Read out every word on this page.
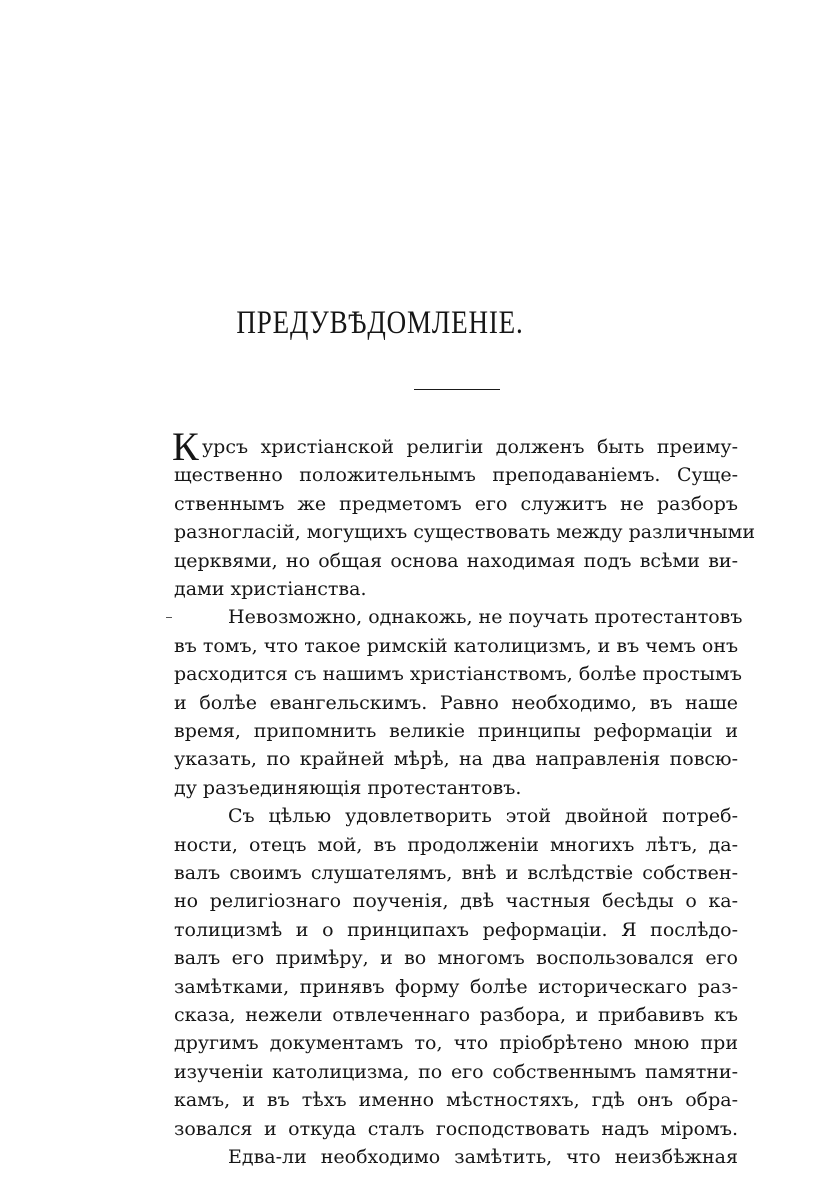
ПРЕДУВѢДОМЛЕНІЕ.
К урсъ христіанской религіи долженъ быть преиму-
щественно положительнымъ преподаваніемъ. Суще-
ственнымъ же предметомъ его служитъ не разборъ
разногласій, могущихъ существовать между различными
церквями, но общая основа находимая подъ всѣми ви-
дами христіанства.
Невозможно, однакожь, не поучать протестантовъ
въ томъ, что такое римскій католицизмъ, и въ чемъ онъ
расходится съ нашимъ христіанствомъ, болѣе простымъ
и болѣе евангельскимъ. Равно необходимо, въ наше
время, припомнить великіе принципы реформаціи и
указать, по крайней мѣрѣ, на два направленія повсю-
ду разъединяющія протестантовъ.
Съ цѣлью удовлетворить этой двойной потреб-
ности, отецъ мой, въ продолженіи многихъ лѣтъ, да-
валъ своимъ слушателямъ, внѣ и вслѣдствіе собствен-
но религіознаго поученія, двѣ частныя бесѣды о ка-
толицизмѣ и о принципахъ реформаціи. Я послѣдо-
валъ его примѣру, и во многомъ воспользовался его
замѣтками, принявъ форму болѣе историческаго раз-
сказа, нежели отвлеченнаго разбора, и прибавивъ къ
другимъ документамъ то, что пріобрѣтено мною при
изученіи католицизма, по его собственнымъ памятни-
камъ, и въ тѣхъ именно мѣстностяхъ, гдѣ онъ обра-
зовался и откуда сталъ господствовать надъ міромъ.
Едва-ли необходимо замѣтить, что неизбѣжная
